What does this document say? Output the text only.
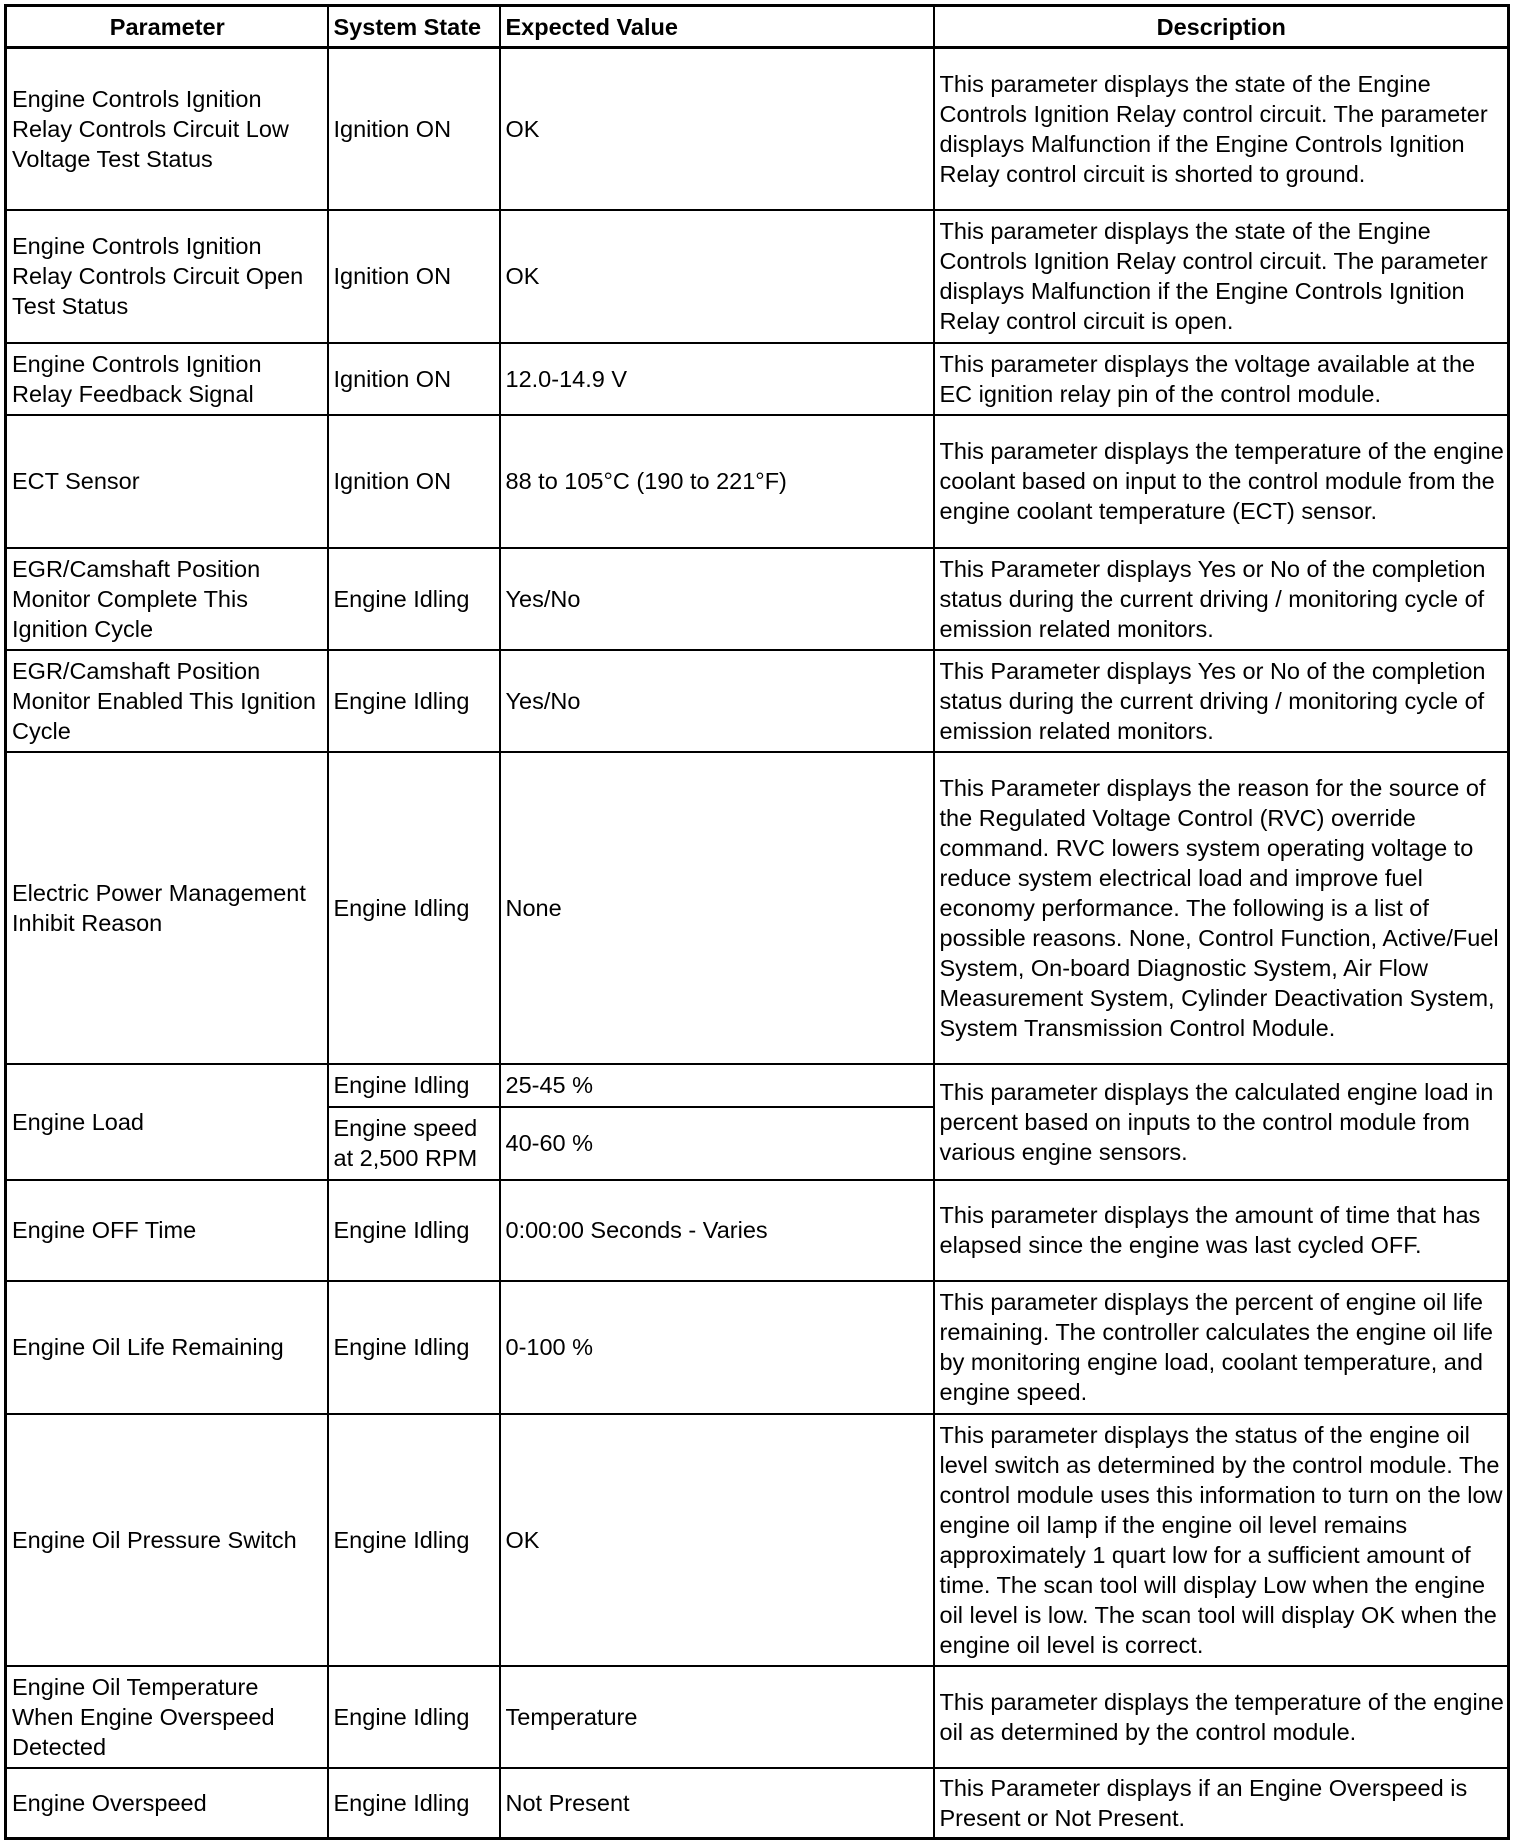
Parameter	System State	Expected Value	Description
Engine Controls Ignition Relay Controls Circuit Low Voltage Test Status	Ignition ON	OK	This parameter displays the state of the Engine Controls Ignition Relay control circuit. The parameter displays Malfunction if the Engine Controls Ignition Relay control circuit is shorted to ground.
Engine Controls Ignition Relay Controls Circuit Open Test Status	Ignition ON	OK	This parameter displays the state of the Engine Controls Ignition Relay control circuit. The parameter displays Malfunction if the Engine Controls Ignition Relay control circuit is open.
Engine Controls Ignition Relay Feedback Signal	Ignition ON	12.0-14.9 V	This parameter displays the voltage available at the EC ignition relay pin of the control module.
ECT Sensor	Ignition ON	88 to 105°C (190 to 221°F)	This parameter displays the temperature of the engine coolant based on input to the control module from the engine coolant temperature (ECT) sensor.
EGR/Camshaft Position Monitor Complete This Ignition Cycle	Engine Idling	Yes/No	This Parameter displays Yes or No of the completion status during the current driving / monitoring cycle of emission related monitors.
EGR/Camshaft Position Monitor Enabled This Ignition Cycle	Engine Idling	Yes/No	This Parameter displays Yes or No of the completion status during the current driving / monitoring cycle of emission related monitors.
Electric Power Management Inhibit Reason	Engine Idling	None	This Parameter displays the reason for the source of the Regulated Voltage Control (RVC) override command. RVC lowers system operating voltage to reduce system electrical load and improve fuel economy performance. The following is a list of possible reasons. None, Control Function, Active/Fuel System, On-board Diagnostic System, Air Flow Measurement System, Cylinder Deactivation System, System Transmission Control Module.
Engine Load	Engine Idling	25-45 %	This parameter displays the calculated engine load in percent based on inputs to the control module from various engine sensors.
	Engine speed at 2,500 RPM	40-60 %	
Engine OFF Time	Engine Idling	0:00:00 Seconds - Varies	This parameter displays the amount of time that has elapsed since the engine was last cycled OFF.
Engine Oil Life Remaining	Engine Idling	0-100 %	This parameter displays the percent of engine oil life remaining. The controller calculates the engine oil life by monitoring engine load, coolant temperature, and engine speed.
Engine Oil Pressure Switch	Engine Idling	OK	This parameter displays the status of the engine oil level switch as determined by the control module. The control module uses this information to turn on the low engine oil lamp if the engine oil level remains approximately 1 quart low for a sufficient amount of time. The scan tool will display Low when the engine oil level is low. The scan tool will display OK when the engine oil level is correct.
Engine Oil Temperature When Engine Overspeed Detected	Engine Idling	Temperature	This parameter displays the temperature of the engine oil as determined by the control module.
Engine Overspeed	Engine Idling	Not Present	This Parameter displays if an Engine Overspeed is Present or Not Present.
